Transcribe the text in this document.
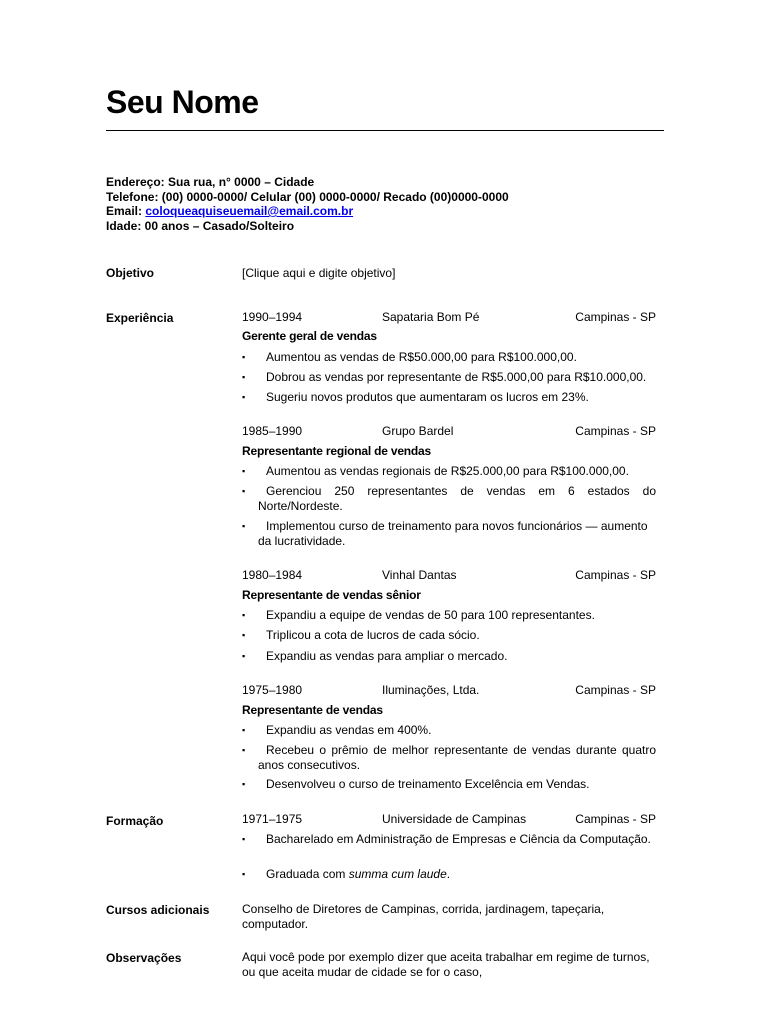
Seu Nome
Endereço: Sua rua, n° 0000 – Cidade
Telefone: (00) 0000-0000/ Celular (00) 0000-0000/ Recado (00)0000-0000
Email: coloqueaquiseuemail@email.com.br
Idade: 00 anos – Casado/Solteiro
Objetivo	[Clique aqui e digite objetivo]
Experiência	1990–1994	Sapataria Bom Pé	Campinas - SP
Gerente geral de vendas
▪	Aumentou as vendas de R$50.000,00 para R$100.000,00.
▪	Dobrou as vendas por representante de R$5.000,00 para R$10.000,00.
▪	Sugeriu novos produtos que aumentaram os lucros em 23%.
1985–1990	Grupo Bardel	Campinas - SP
Representante regional de vendas
▪	Aumentou as vendas regionais de R$25.000,00 para R$100.000,00.
▪	Gerenciou 250 representantes de vendas em 6 estados do Norte/Nordeste.
▪	Implementou curso de treinamento para novos funcionários — aumento da lucratividade.
1980–1984	Vinhal Dantas	Campinas - SP
Representante de vendas sênior
▪	Expandiu a equipe de vendas de 50 para 100 representantes.
▪	Triplicou a cota de lucros de cada sócio.
▪	Expandiu as vendas para ampliar o mercado.
1975–1980	Iluminações, Ltda.	Campinas - SP
Representante de vendas
▪	Expandiu as vendas em 400%.
▪	Recebeu o prêmio de melhor representante de vendas durante quatro anos consecutivos.
▪	Desenvolveu o curso de treinamento Excelência em Vendas.
Formação	1971–1975	Universidade de Campinas	Campinas - SP
▪	Bacharelado em Administração de Empresas e Ciência da Computação.
▪	Graduada com summa cum laude.
Cursos adicionais	Conselho de Diretores de Campinas, corrida, jardinagem, tapeçaria, computador.
Observações	Aqui você pode por exemplo dizer que aceita trabalhar em regime de turnos, ou que aceita mudar de cidade se for o caso,
